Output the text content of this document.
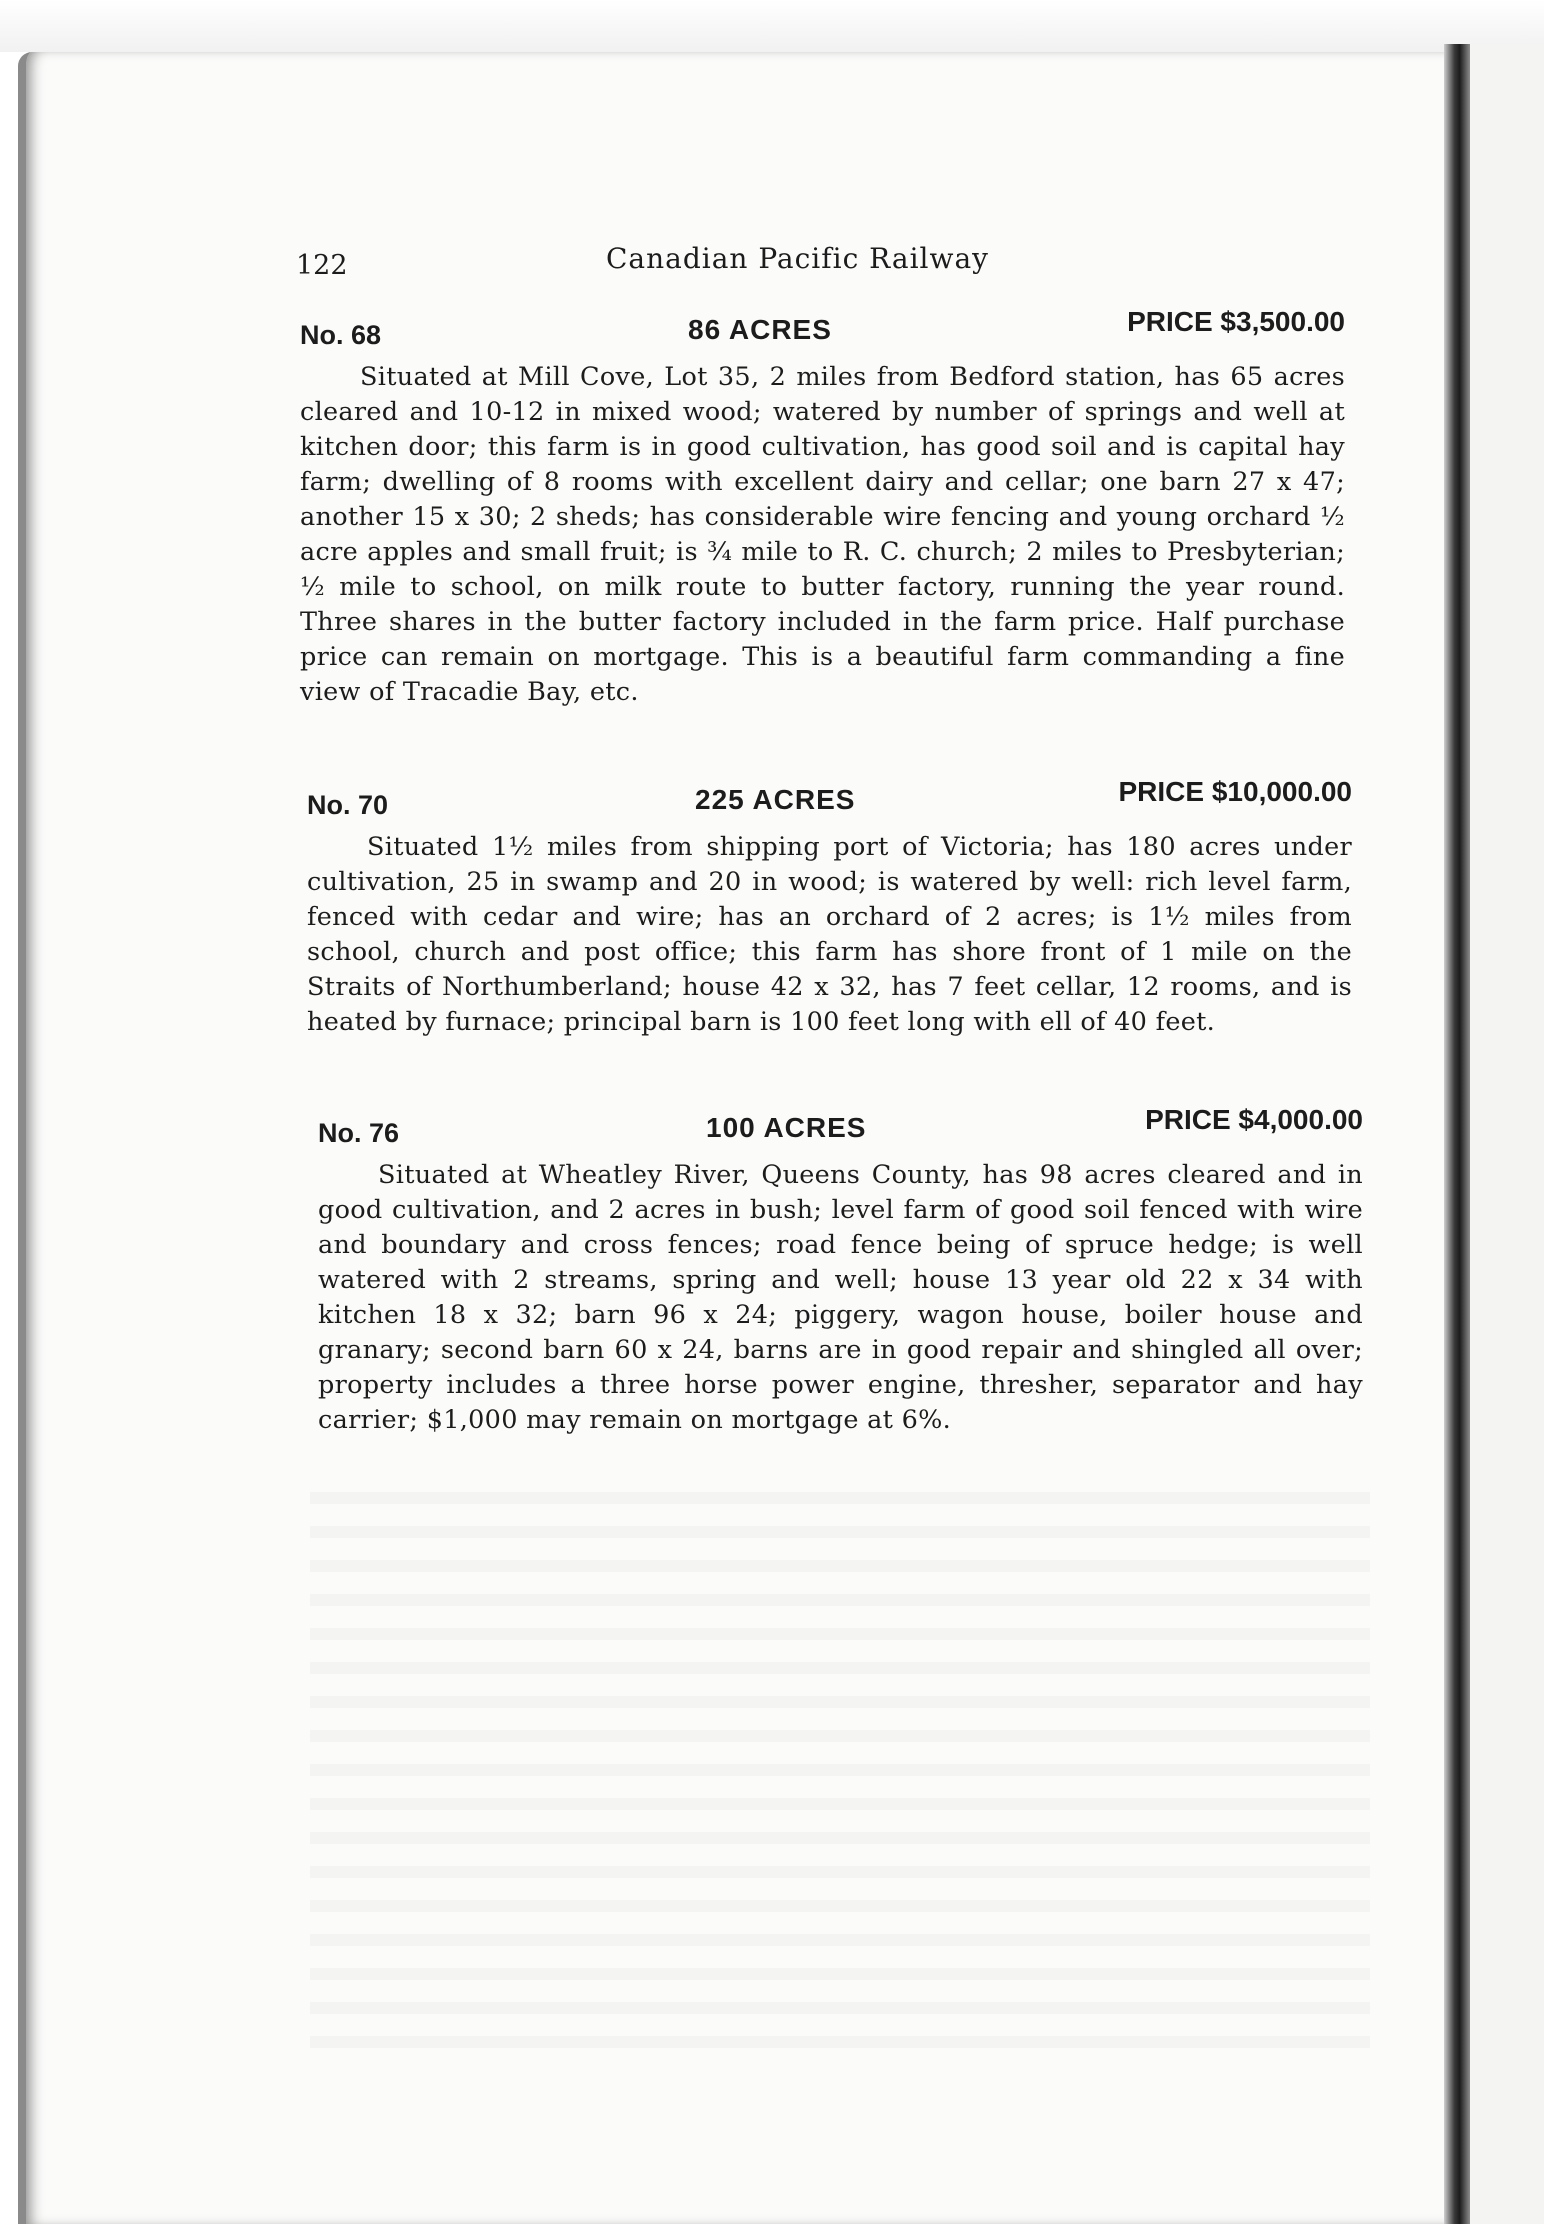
122	Canadian Pacific Railway
No. 68	86 ACRES	PRICE $3,500.00

Situated at Mill Cove, Lot 35, 2 miles from Bedford station, has 65 acres cleared and 10-12 in mixed wood; watered by number of springs and well at kitchen door; this farm is in good cultivation, has good soil and is capital hay farm; dwelling of 8 rooms with excellent dairy and cellar; one barn 27 x 47; another 15 x 30; 2 sheds; has considerable wire fencing and young orchard ½ acre apples and small fruit; is ¾ mile to R. C. church; 2 miles to Presbyterian; ½ mile to school, on milk route to butter factory, running the year round. Three shares in the butter factory included in the farm price. Half purchase price can remain on mortgage. This is a beautiful farm commanding a fine view of Tracadie Bay, etc.

No. 70	225 ACRES	PRICE $10,000.00

Situated 1½ miles from shipping port of Victoria; has 180 acres under cultivation, 25 in swamp and 20 in wood; is watered by well: rich level farm, fenced with cedar and wire; has an orchard of 2 acres; is 1½ miles from school, church and post office; this farm has shore front of 1 mile on the Straits of Northumberland; house 42 x 32, has 7 feet cellar, 12 rooms, and is heated by furnace; principal barn is 100 feet long with ell of 40 feet.

No. 76	100 ACRES	PRICE $4,000.00

Situated at Wheatley River, Queens County, has 98 acres cleared and in good cultivation, and 2 acres in bush; level farm of good soil fenced with wire and boundary and cross fences; road fence being of spruce hedge; is well watered with 2 streams, spring and well; house 13 year old 22 x 34 with kitchen 18 x 32; barn 96 x 24; piggery, wagon house, boiler house and granary; second barn 60 x 24, barns are in good repair and shingled all over; property includes a three horse power engine, thresher, separator and hay carrier; $1,000 may remain on mortgage at 6%.
